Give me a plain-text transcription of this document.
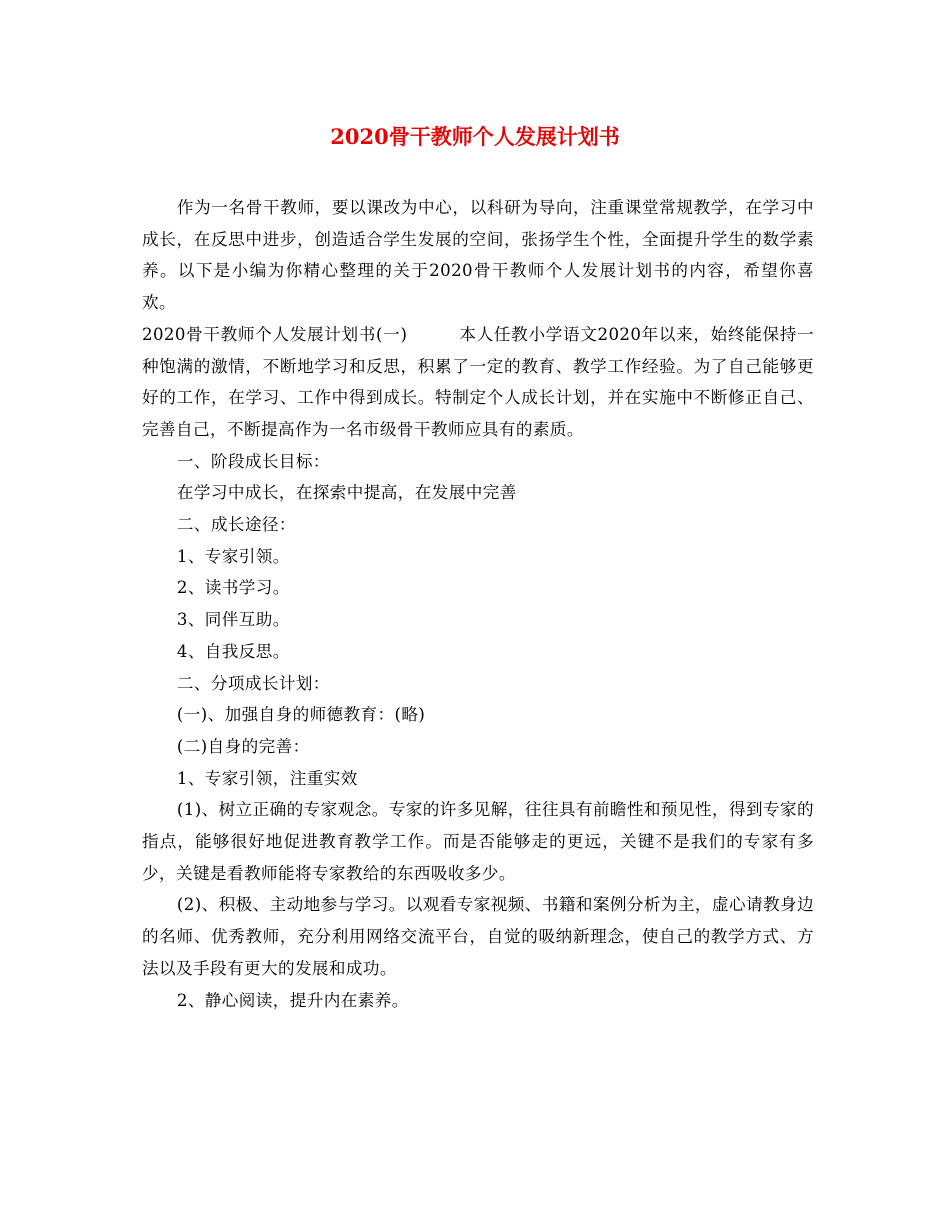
2020骨干教师个人发展计划书

作为一名骨干教师，要以课改为中心，以科研为导向，注重课堂常规教学，在学习中成长，在反思中进步，创造适合学生发展的空间，张扬学生个性，全面提升学生的数学素养。以下是小编为你精心整理的关于2020骨干教师个人发展计划书的内容，希望你喜欢。

2020骨干教师个人发展计划书(一)　　　本人任教小学语文2020年以来，始终能保持一种饱满的激情，不断地学习和反思，积累了一定的教育、教学工作经验。为了自己能够更好的工作，在学习、工作中得到成长。特制定个人成长计划，并在实施中不断修正自己、完善自己，不断提高作为一名市级骨干教师应具有的素质。

一、阶段成长目标：

在学习中成长，在探索中提高，在发展中完善

二、成长途径：

1、专家引领。

2、读书学习。

3、同伴互助。

4、自我反思。

二、分项成长计划：

(一)、加强自身的师德教育：(略)

(二)自身的完善：

1、专家引领，注重实效

(1)、树立正确的专家观念。专家的许多见解，往往具有前瞻性和预见性，得到专家的指点，能够很好地促进教育教学工作。而是否能够走的更远，关键不是我们的专家有多少，关键是看教师能将专家教给的东西吸收多少。

(2)、积极、主动地参与学习。以观看专家视频、书籍和案例分析为主，虚心请教身边的名师、优秀教师，充分利用网络交流平台，自觉的吸纳新理念，使自己的教学方式、方法以及手段有更大的发展和成功。

2、静心阅读，提升内在素养。
